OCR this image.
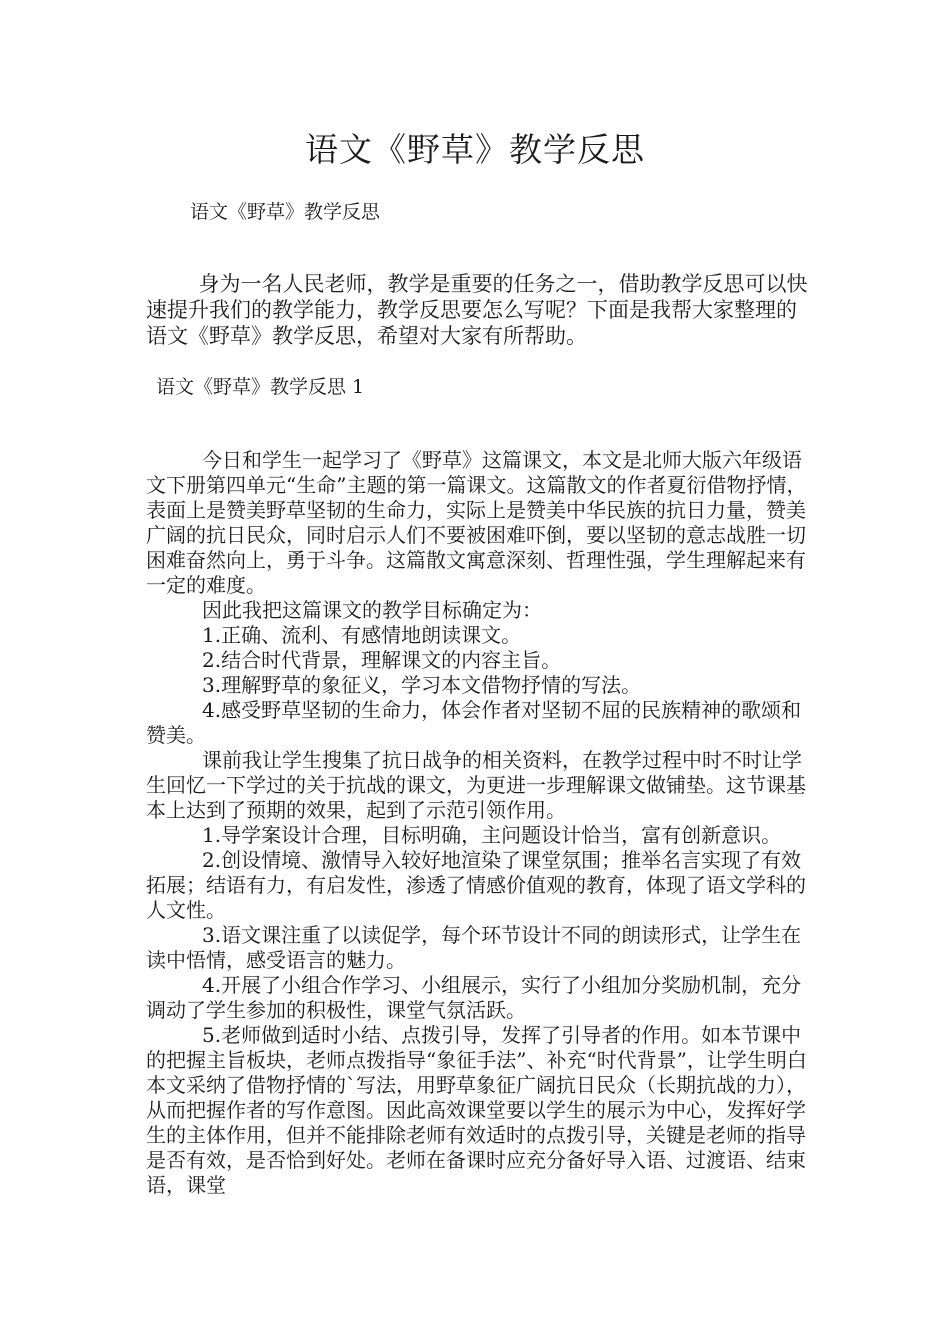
语文《野草》教学反思
语文《野草》教学反思

身为一名人民老师，教学是重要的任务之一，借助教学反思可以快速提升我们的教学能力，教学反思要怎么写呢？下面是我帮大家整理的语文《野草》教学反思，希望对大家有所帮助。

语文《野草》教学反思 1

今日和学生一起学习了《野草》这篇课文，本文是北师大版六年级语文下册第四单元“生命”主题的第一篇课文。这篇散文的作者夏衍借物抒情，表面上是赞美野草坚韧的生命力，实际上是赞美中华民族的抗日力量，赞美广阔的抗日民众，同时启示人们不要被困难吓倒，要以坚韧的意志战胜一切困难奋然向上，勇于斗争。这篇散文寓意深刻、哲理性强，学生理解起来有一定的难度。

因此我把这篇课文的教学目标确定为：

1.正确、流利、有感情地朗读课文。

2.结合时代背景，理解课文的内容主旨。

3.理解野草的象征义，学习本文借物抒情的写法。

4.感受野草坚韧的生命力，体会作者对坚韧不屈的民族精神的歌颂和赞美。

课前我让学生搜集了抗日战争的相关资料，在教学过程中时不时让学生回忆一下学过的关于抗战的课文，为更进一步理解课文做铺垫。这节课基本上达到了预期的效果，起到了示范引领作用。

1.导学案设计合理，目标明确，主问题设计恰当，富有创新意识。

2.创设情境、激情导入较好地渲染了课堂氛围；推举名言实现了有效拓展；结语有力，有启发性，渗透了情感价值观的教育，体现了语文学科的人文性。

3.语文课注重了以读促学，每个环节设计不同的朗读形式，让学生在读中悟情，感受语言的魅力。

4.开展了小组合作学习、小组展示，实行了小组加分奖励机制，充分调动了学生参加的积极性，课堂气氛活跃。

5.老师做到适时小结、点拨引导，发挥了引导者的作用。如本节课中的把握主旨板块，老师点拨指导“象征手法”、补充“时代背景”，让学生明白本文采纳了借物抒情的`写法，用野草象征广阔抗日民众（长期抗战的力），从而把握作者的写作意图。因此高效课堂要以学生的展示为中心，发挥好学生的主体作用，但并不能排除老师有效适时的点拨引导，关键是老师的指导是否有效，是否恰到好处。老师在备课时应充分备好导入语、过渡语、结束语，课堂
